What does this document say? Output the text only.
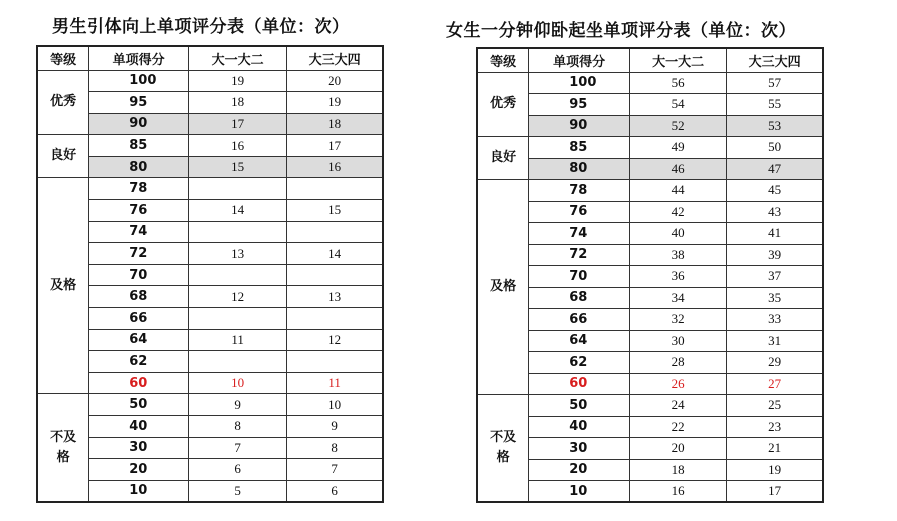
男生引体向上单项评分表（单位：次）
等级	单项得分	大一大二	大三大四
优秀	100	19	20
	95	18	19
	90	17	18
良好	85	16	17
	80	15	16
及格	78		
	76	14	15
	74		
	72	13	14
	70		
	68	12	13
	66		
	64	11	12
	62		
	60	10	11
不及格	50	9	10
	40	8	9
	30	7	8
	20	6	7
	10	5	6
女生一分钟仰卧起坐单项评分表（单位：次）
等级	单项得分	大一大二	大三大四
优秀	100	56	57
	95	54	55
	90	52	53
良好	85	49	50
	80	46	47
及格	78	44	45
	76	42	43
	74	40	41
	72	38	39
	70	36	37
	68	34	35
	66	32	33
	64	30	31
	62	28	29
	60	26	27
不及格	50	24	25
	40	22	23
	30	20	21
	20	18	19
	10	16	17
